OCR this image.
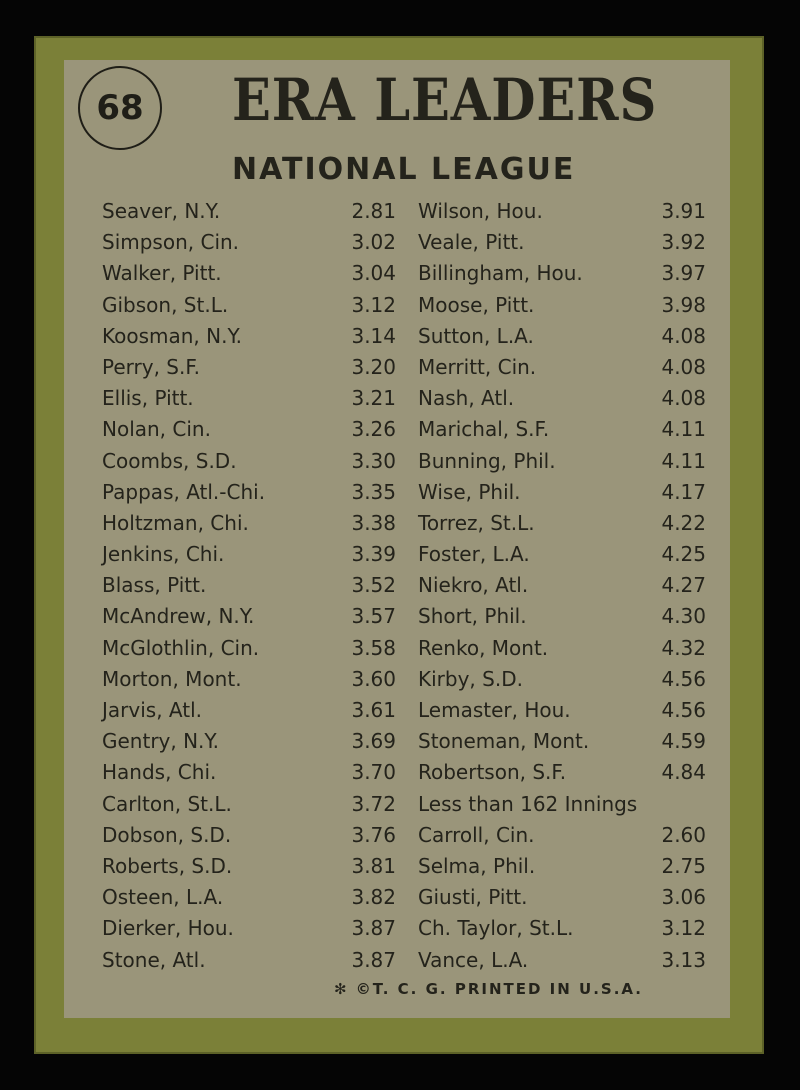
68	ERA LEADERS
NATIONAL LEAGUE
Seaver, N.Y.	2.81 Wilson, Hou.	3.91
Simpson, Cin.	3.02 Veale, Pitt.	3.92
Walker, Pitt.	3.04 Billingham, Hou.	3.97
Gibson, St.L.	3.12 Moose, Pitt.	3.98
Koosman, N.Y.	3.14 Sutton, L.A.	4.08
Perry, S.F.	3.20 Merritt, Cin.	4.08
Ellis, Pitt.	3.21 Nash, Atl.	4.08
Nolan, Cin.	3.26 Marichal, S.F.	4.11
Coombs, S.D.	3.30 Bunning, Phil.	4.11
Pappas, Atl.-Chi.	3.35 Wise, Phil.	4.17
Holtzman, Chi.	3.38 Torrez, St.L.	4.22
Jenkins, Chi.	3.39 Foster, L.A.	4.25
Blass, Pitt.	3.52 Niekro, Atl.	4.27
McAndrew, N.Y.	3.57 Short, Phil.	4.30
McGlothlin, Cin.	3.58 Renko, Mont.	4.32
Morton, Mont.	3.60 Kirby, S.D.	4.56
Jarvis, Atl.	3.61 Lemaster, Hou.	4.56
Gentry, N.Y.	3.69 Stoneman, Mont.	4.59
Hands, Chi.	3.70 Robertson, S.F.	4.84
Carlton, St.L.	3.72 Less than 162 Innings
Dobson, S.D.	3.76 Carroll, Cin.	2.60
Roberts, S.D.	3.81 Selma, Phil.	2.75
Osteen, L.A.	3.82 Giusti, Pitt.	3.06
Dierker, Hou.	3.87 Ch. Taylor, St.L.	3.12
Stone, Atl.	3.87 Vance, L.A.	3.13
✻ ©T. C. G. PRINTED IN U.S.A.
